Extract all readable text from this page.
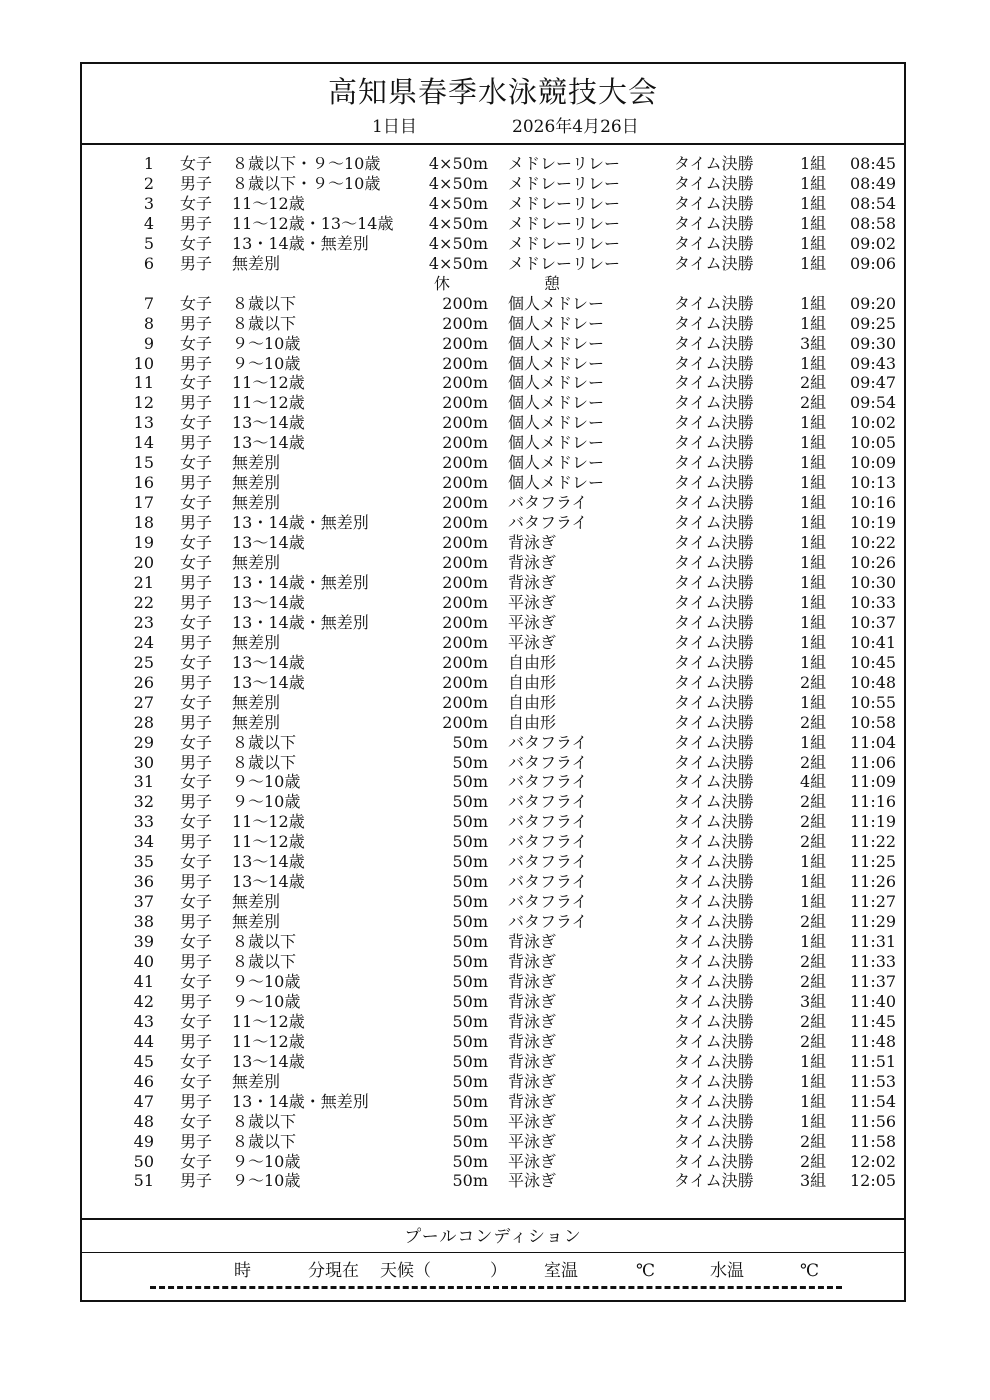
高知県春季水泳競技大会
1日目	2026年4月26日
1 女子 ８歳以下・９～10歳	4×50m メドレーリレー	タイム決勝	1組 08:45
2 男子 ８歳以下・９～10歳	4×50m メドレーリレー	タイム決勝	1組 08:49
3 女子 11～12歳	4×50m メドレーリレー	タイム決勝	1組 08:54
4 男子 11～12歳・13～14歳	4×50m メドレーリレー	タイム決勝	1組 08:58
5 女子 13・14歳・無差別	4×50m メドレーリレー	タイム決勝	1組 09:02
6 男子 無差別	4×50m メドレーリレー	タイム決勝	1組 09:06
休	憩
7 女子 ８歳以下	200m 個人メドレー	タイム決勝	1組 09:20
8 男子 ８歳以下	200m 個人メドレー	タイム決勝	1組 09:25
9 女子 ９～10歳	200m 個人メドレー	タイム決勝	3組 09:30
10 男子 ９～10歳	200m 個人メドレー	タイム決勝	1組 09:43
11 女子 11～12歳	200m 個人メドレー	タイム決勝	2組 09:47
12 男子 11～12歳	200m 個人メドレー	タイム決勝	2組 09:54
13 女子 13～14歳	200m 個人メドレー	タイム決勝	1組 10:02
14 男子 13～14歳	200m 個人メドレー	タイム決勝	1組 10:05
15 女子 無差別	200m 個人メドレー	タイム決勝	1組 10:09
16 男子 無差別	200m 個人メドレー	タイム決勝	1組 10:13
17 女子 無差別	200m バタフライ	タイム決勝	1組 10:16
18 男子 13・14歳・無差別	200m バタフライ	タイム決勝	1組 10:19
19 女子 13～14歳	200m 背泳ぎ	タイム決勝	1組 10:22
20 女子 無差別	200m 背泳ぎ	タイム決勝	1組 10:26
21 男子 13・14歳・無差別	200m 背泳ぎ	タイム決勝	1組 10:30
22 男子 13～14歳	200m 平泳ぎ	タイム決勝	1組 10:33
23 女子 13・14歳・無差別	200m 平泳ぎ	タイム決勝	1組 10:37
24 男子 無差別	200m 平泳ぎ	タイム決勝	1組 10:41
25 女子 13～14歳	200m 自由形	タイム決勝	1組 10:45
26 男子 13～14歳	200m 自由形	タイム決勝	2組 10:48
27 女子 無差別	200m 自由形	タイム決勝	1組 10:55
28 男子 無差別	200m 自由形	タイム決勝	2組 10:58
29 女子 ８歳以下	50m バタフライ	タイム決勝	1組 11:04
30 男子 ８歳以下	50m バタフライ	タイム決勝	2組 11:06
31 女子 ９～10歳	50m バタフライ	タイム決勝	4組 11:09
32 男子 ９～10歳	50m バタフライ	タイム決勝	2組 11:16
33 女子 11～12歳	50m バタフライ	タイム決勝	2組 11:19
34 男子 11～12歳	50m バタフライ	タイム決勝	2組 11:22
35 女子 13～14歳	50m バタフライ	タイム決勝	1組 11:25
36 男子 13～14歳	50m バタフライ	タイム決勝	1組 11:26
37 女子 無差別	50m バタフライ	タイム決勝	1組 11:27
38 男子 無差別	50m バタフライ	タイム決勝	2組 11:29
39 女子 ８歳以下	50m 背泳ぎ	タイム決勝	1組 11:31
40 男子 ８歳以下	50m 背泳ぎ	タイム決勝	2組 11:33
41 女子 ９～10歳	50m 背泳ぎ	タイム決勝	2組 11:37
42 男子 ９～10歳	50m 背泳ぎ	タイム決勝	3組 11:40
43 女子 11～12歳	50m 背泳ぎ	タイム決勝	2組 11:45
44 男子 11～12歳	50m 背泳ぎ	タイム決勝	2組 11:48
45 女子 13～14歳	50m 背泳ぎ	タイム決勝	1組 11:51
46 女子 無差別	50m 背泳ぎ	タイム決勝	1組 11:53
47 男子 13・14歳・無差別	50m 背泳ぎ	タイム決勝	1組 11:54
48 女子 ８歳以下	50m 平泳ぎ	タイム決勝	1組 11:56
49 男子 ８歳以下	50m 平泳ぎ	タイム決勝	2組 11:58
50 女子 ９～10歳	50m 平泳ぎ	タイム決勝	2組 12:02
51 男子 ９～10歳	50m 平泳ぎ	タイム決勝	3組 12:05
プールコンディション
時	分現在 天候（	） 室温	℃	水温	℃
